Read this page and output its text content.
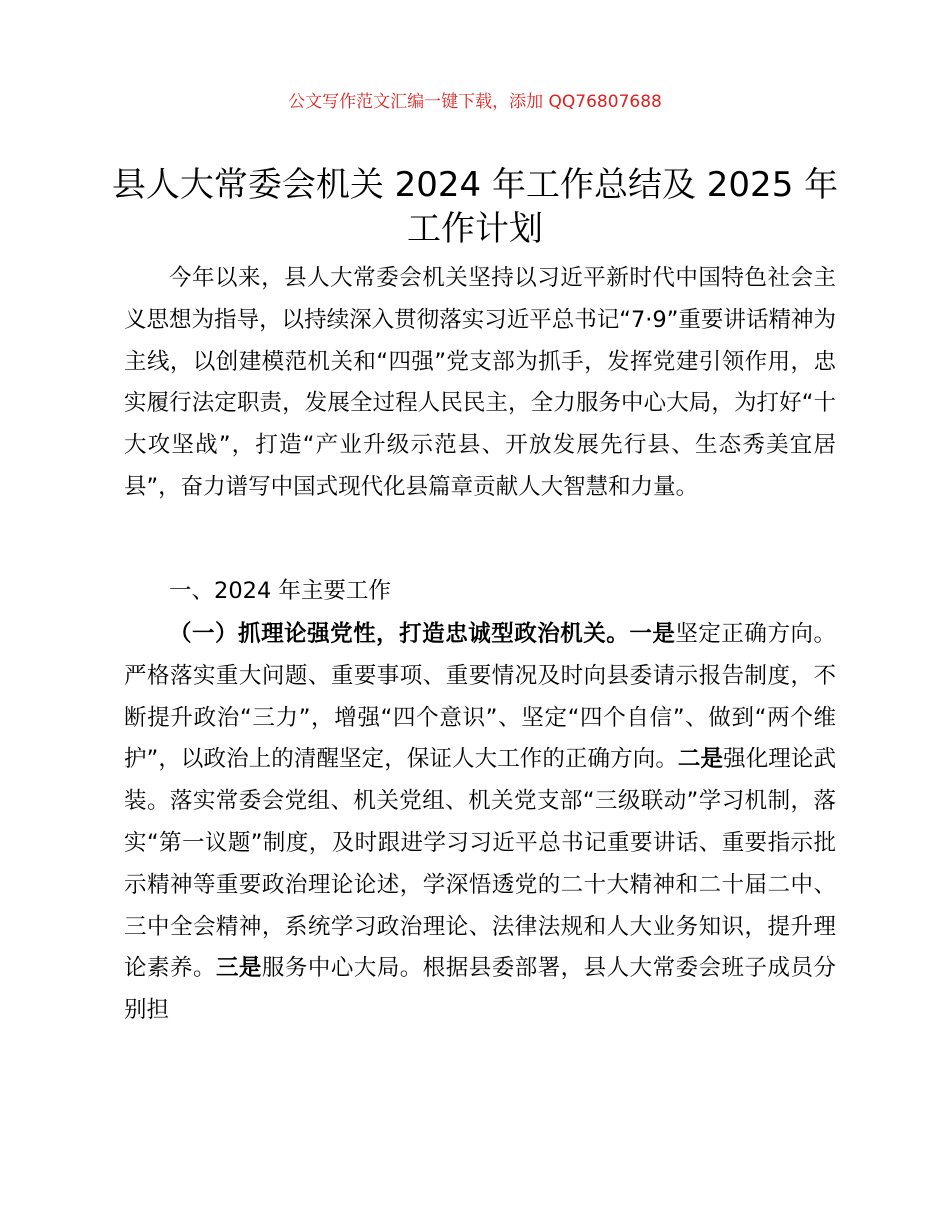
公文写作范文汇编一键下载，添加 QQ76807688
县人大常委会机关 2024 年工作总结及 2025 年工作计划
今年以来，县人大常委会机关坚持以习近平新时代中国特色社会主义思想为指导，以持续深入贯彻落实习近平总书记“7·9”重要讲话精神为主线，以创建模范机关和“四强”党支部为抓手，发挥党建引领作用，忠实履行法定职责，发展全过程人民民主，全力服务中心大局，为打好“十大攻坚战”，打造“产业升级示范县、开放发展先行县、生态秀美宜居县”，奋力谱写中国式现代化县篇章贡献人大智慧和力量。
一、2024 年主要工作
（一）抓理论强党性，打造忠诚型政治机关。一是坚定正确方向。严格落实重大问题、重要事项、重要情况及时向县委请示报告制度，不断提升政治“三力”，增强“四个意识”、坚定“四个自信”、做到“两个维护”，以政治上的清醒坚定，保证人大工作的正确方向。二是强化理论武装。落实常委会党组、机关党组、机关党支部“三级联动”学习机制，落实“第一议题”制度，及时跟进学习习近平总书记重要讲话、重要指示批示精神等重要政治理论论述，学深悟透党的二十大精神和二十届二中、三中全会精神，系统学习政治理论、法律法规和人大业务知识，提升理论素养。三是服务中心大局。根据县委部署，县人大常委会班子成员分别担
